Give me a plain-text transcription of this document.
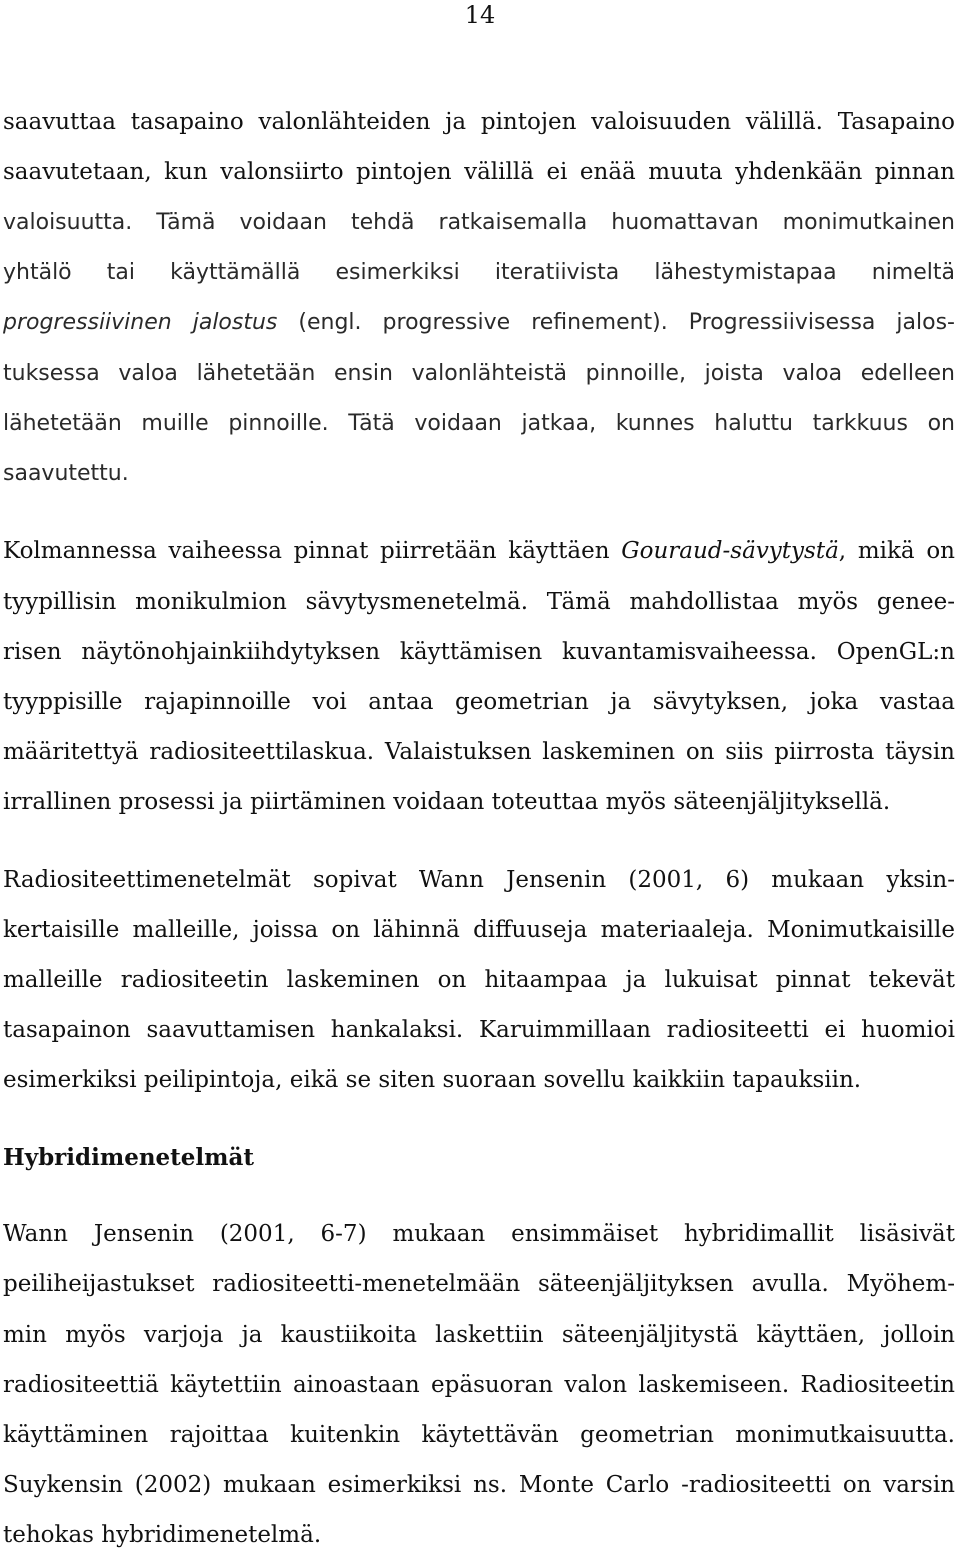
14
saavuttaa tasapaino valonlähteiden ja pintojen valoisuuden välillä. Tasapaino
saavutetaan, kun valonsiirto pintojen välillä ei enää muuta yhdenkään pinnan
valoisuutta. Tämä voidaan tehdä ratkaisemalla huomattavan monimutkainen
yhtälö tai käyttämällä esimerkiksi iteratiivista lähestymistapaa nimeltä
progressiivinen jalostus (engl. progressive refinement). Progressiivisessa jalos-
tuksessa valoa lähetetään ensin valonlähteistä pinnoille, joista valoa edelleen
lähetetään muille pinnoille. Tätä voidaan jatkaa, kunnes haluttu tarkkuus on
saavutettu.
Kolmannessa vaiheessa pinnat piirretään käyttäen Gouraud-sävytystä, mikä on
tyypillisin monikulmion sävytysmenetelmä. Tämä mahdollistaa myös genee-
risen näytönohjainkiihdytyksen käyttämisen kuvantamisvaiheessa. OpenGL:n
tyyppisille rajapinnoille voi antaa geometrian ja sävytyksen, joka vastaa
määritettyä radiositeettilaskua. Valaistuksen laskeminen on siis piirrosta täysin
irrallinen prosessi ja piirtäminen voidaan toteuttaa myös säteenjäljityksellä.
Radiositeettimenetelmät sopivat Wann Jensenin (2001, 6) mukaan yksin-
kertaisille malleille, joissa on lähinnä diffuuseja materiaaleja. Monimutkaisille
malleille radiositeetin laskeminen on hitaampaa ja lukuisat pinnat tekevät
tasapainon saavuttamisen hankalaksi. Karuimmillaan radiositeetti ei huomioi
esimerkiksi peilipintoja, eikä se siten suoraan sovellu kaikkiin tapauksiin.
Hybridimenetelmät
Wann Jensenin (2001, 6-7) mukaan ensimmäiset hybridimallit lisäsivät
peiliheijastukset radiositeetti-menetelmään säteenjäljityksen avulla. Myöhem-
min myös varjoja ja kaustiikoita laskettiin säteenjäljitystä käyttäen, jolloin
radiositeettiä käytettiin ainoastaan epäsuoran valon laskemiseen. Radiositeetin
käyttäminen rajoittaa kuitenkin käytettävän geometrian monimutkaisuutta.
Suykensin (2002) mukaan esimerkiksi ns. Monte Carlo -radiositeetti on varsin
tehokas hybridimenetelmä.
